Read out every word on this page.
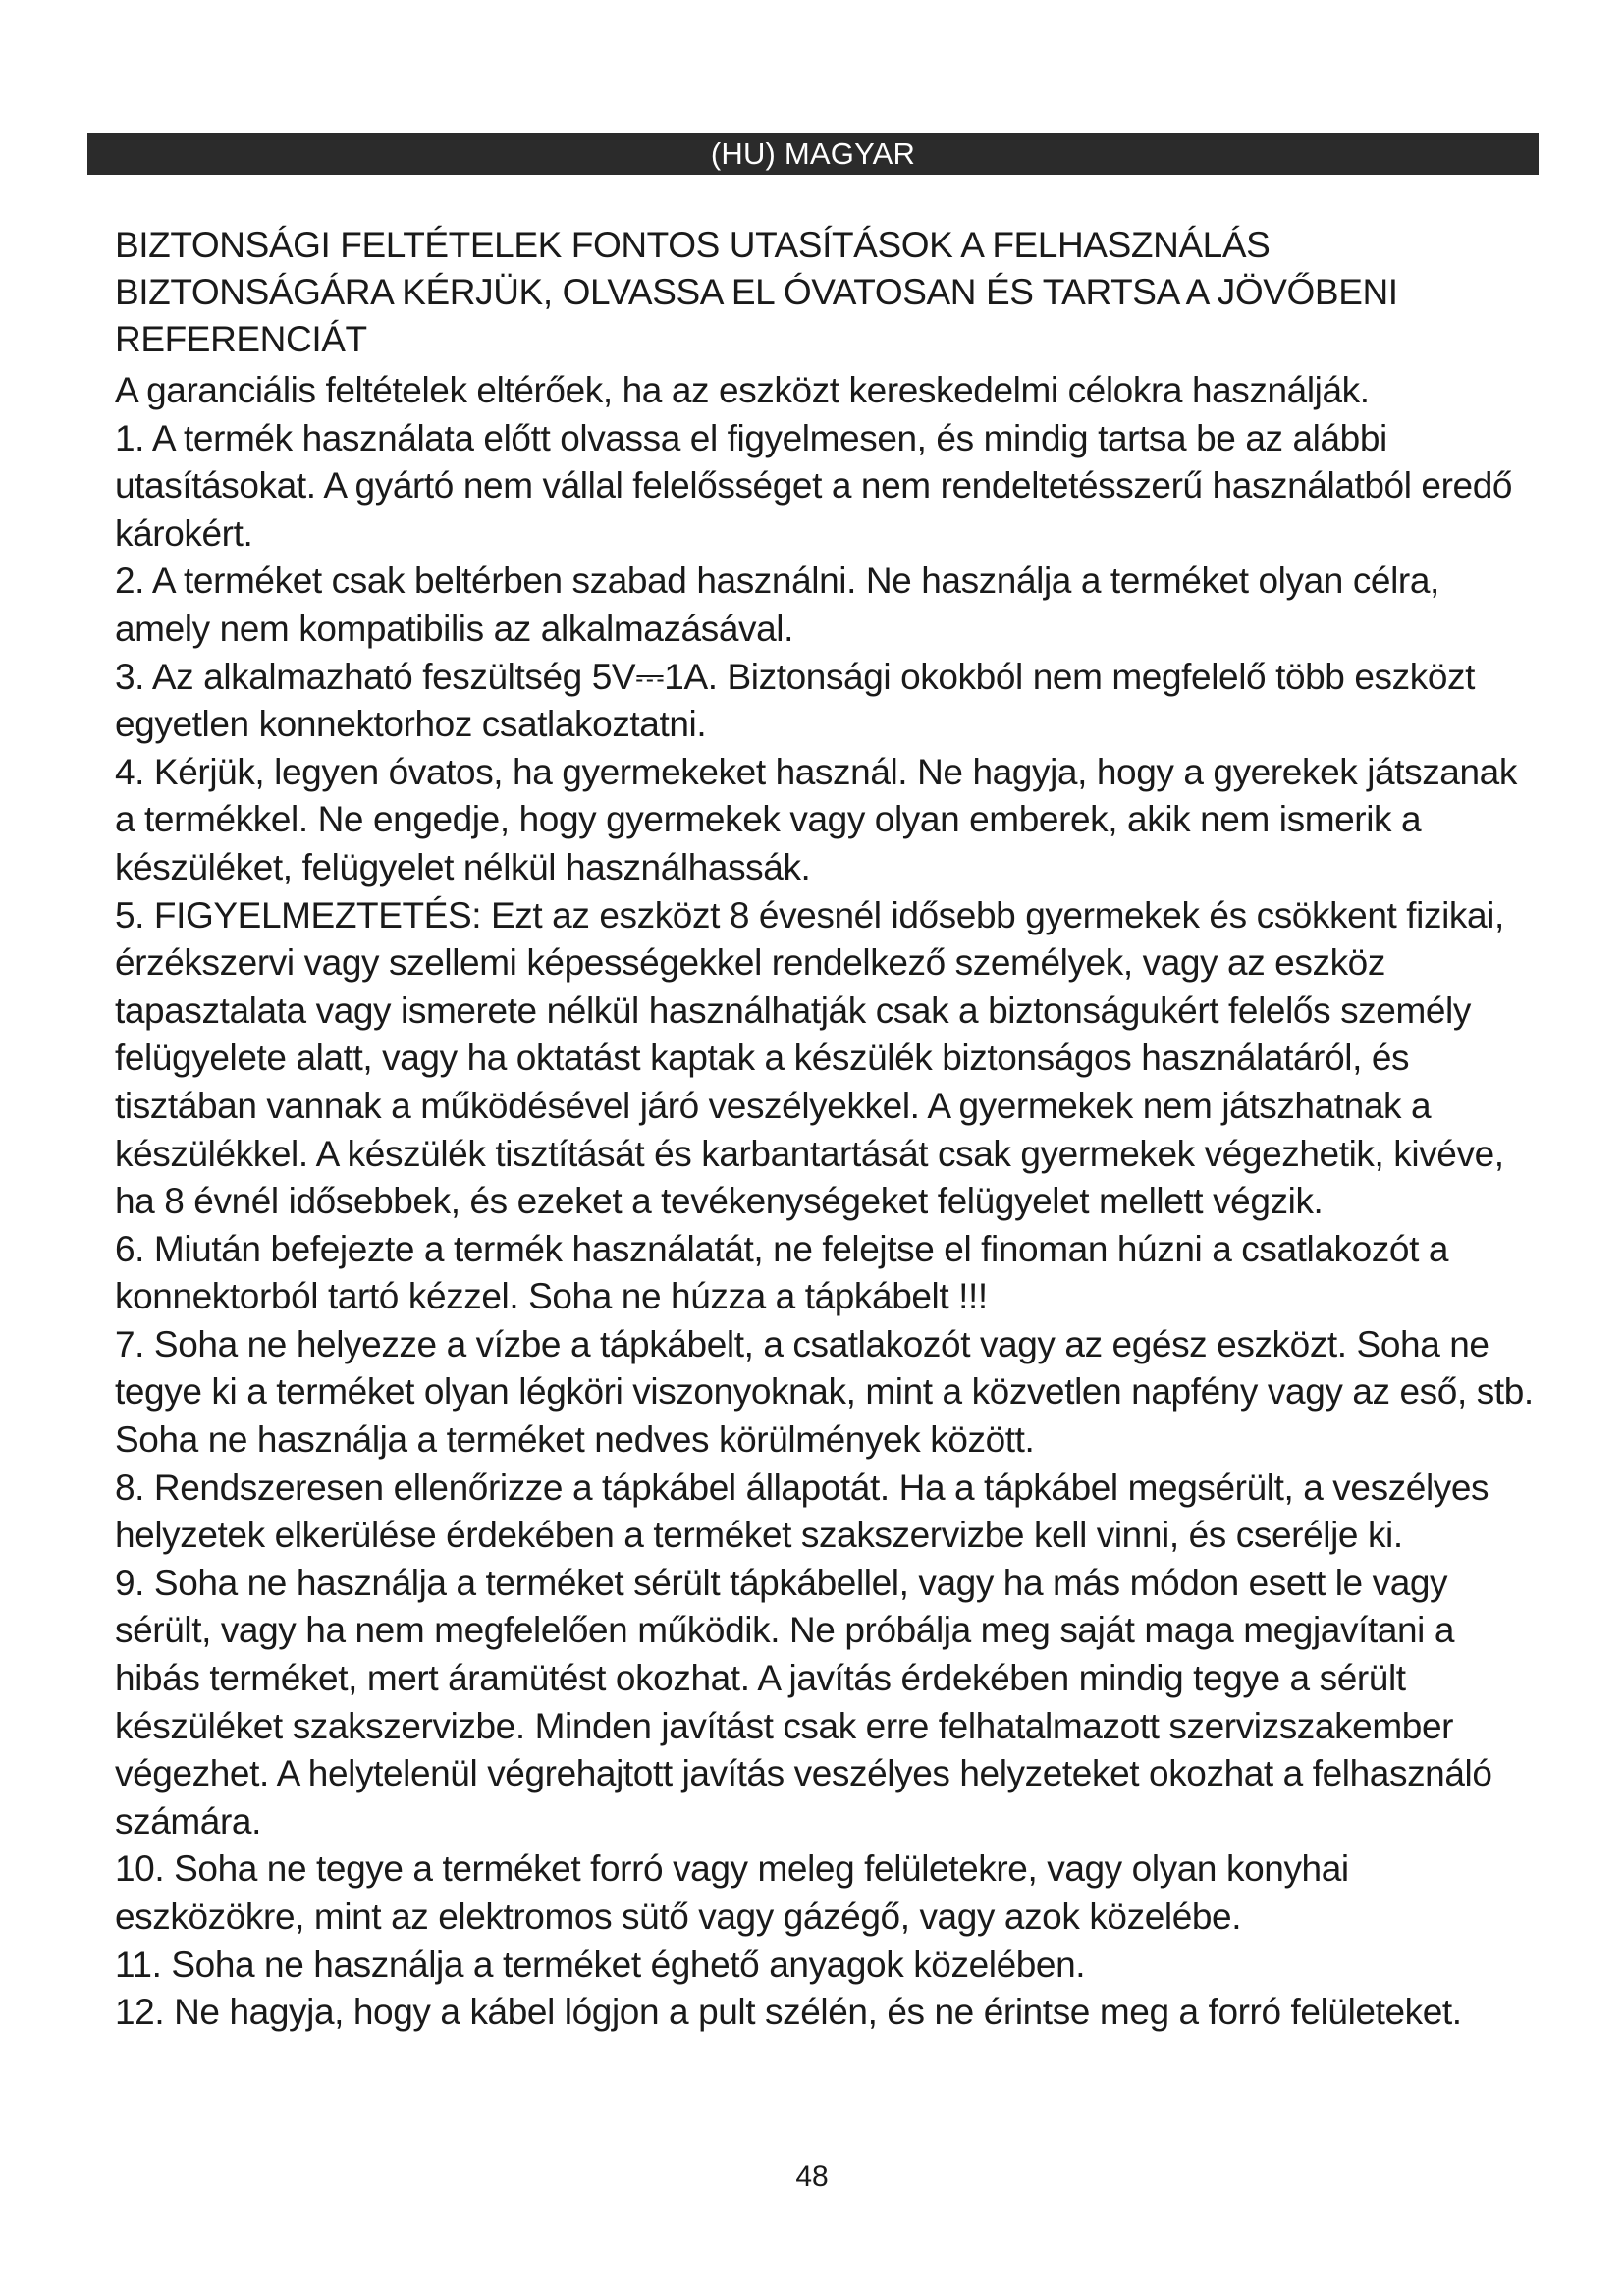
(HU) MAGYAR
BIZTONSÁGI FELTÉTELEK FONTOS UTASÍTÁSOK A FELHASZNÁLÁS BIZTONSÁGÁRA KÉRJÜK, OLVASSA EL ÓVATOSAN ÉS TARTSA A JÖVŐBENI REFERENCIÁT

A garanciális feltételek eltérőek, ha az eszközt kereskedelmi célokra használják.

1. A termék használata előtt olvassa el figyelmesen, és mindig tartsa be az alábbi utasításokat. A gyártó nem vállal felelősséget a nem rendeltetésszerű használatból eredő károkért.

2. A terméket csak beltérben szabad használni. Ne használja a terméket olyan célra, amely nem kompatibilis az alkalmazásával.

3. Az alkalmazható feszültség 5V⎓1A. Biztonsági okokból nem megfelelő több eszközt egyetlen konnektorhoz csatlakoztatni.

4. Kérjük, legyen óvatos, ha gyermekeket használ. Ne hagyja, hogy a gyerekek játszanak a termékkel. Ne engedje, hogy gyermekek vagy olyan emberek, akik nem ismerik a készüléket, felügyelet nélkül használhassák.

5. FIGYELMEZTETÉS: Ezt az eszközt 8 évesnél idősebb gyermekek és csökkent fizikai, érzékszervi vagy szellemi képességekkel rendelkező személyek, vagy az eszköz tapasztalata vagy ismerete nélkül használhatják csak a biztonságukért felelős személy felügyelete alatt, vagy ha oktatást kaptak a készülék biztonságos használatáról, és tisztában vannak a működésével járó veszélyekkel. A gyermekek nem játszhatnak a készülékkel. A készülék tisztítását és karbantartását csak gyermekek végezhetik, kivéve, ha 8 évnél idősebbek, és ezeket a tevékenységeket felügyelet mellett végzik.

6. Miután befejezte a termék használatát, ne felejtse el finoman húzni a csatlakozót a konnektorból tartó kézzel. Soha ne húzza a tápkábelt !!!

7. Soha ne helyezze a vízbe a tápkábelt, a csatlakozót vagy az egész eszközt. Soha ne tegye ki a terméket olyan légköri viszonyoknak, mint a közvetlen napfény vagy az eső, stb. Soha ne használja a terméket nedves körülmények között.

8. Rendszeresen ellenőrizze a tápkábel állapotát. Ha a tápkábel megsérült, a veszélyes helyzetek elkerülése érdekében a terméket szakszervizbe kell vinni, és cserélje ki.

9. Soha ne használja a terméket sérült tápkábellel, vagy ha más módon esett le vagy sérült, vagy ha nem megfelelően működik. Ne próbálja meg saját maga megjavítani a hibás terméket, mert áramütést okozhat. A javítás érdekében mindig tegye a sérült készüléket szakszervizbe. Minden javítást csak erre felhatalmazott szervizszakember végezhet. A helytelenül végrehajtott javítás veszélyes helyzeteket okozhat a felhasználó számára.

10. Soha ne tegye a terméket forró vagy meleg felületekre, vagy olyan konyhai eszközökre, mint az elektromos sütő vagy gázégő, vagy azok közelébe.

11. Soha ne használja a terméket éghető anyagok közelében.

12. Ne hagyja, hogy a kábel lógjon a pult szélén, és ne érintse meg a forró felületeket.

48
